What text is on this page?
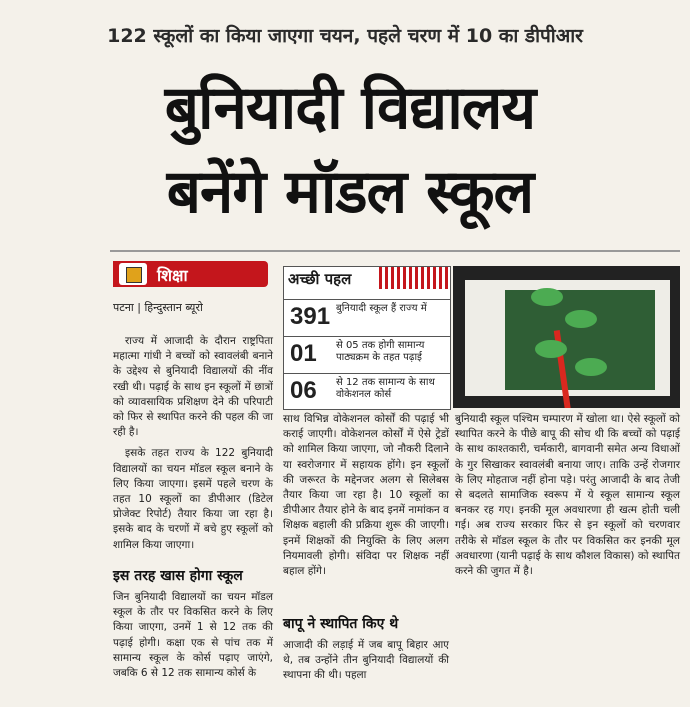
122 स्कूलों का किया जाएगा चयन, पहले चरण में 10 का डीपीआर
बुनियादी विद्यालय
बनेंगे मॉडल स्कूल
शिक्षा
पटना | हिन्दुस्तान ब्यूरो

राज्य में आजादी के दौरान राष्ट्रपिता महात्मा गांधी ने बच्चों को स्वावलंबी बनाने के उद्देश्य से बुनियादी विद्यालयों की नींव रखी थी। पढ़ाई के साथ इन स्कूलों में छात्रों को व्यावसायिक प्रशिक्षण देने की परिपाटी को फिर से स्थापित करने की पहल की जा रही है।

इसके तहत राज्य के 122 बुनियादी विद्यालयों का चयन मॉडल स्कूल बनाने के लिए किया जाएगा। इसमें पहले चरण के तहत 10 स्कूलों का डीपीआर (डिटेल प्रोजेक्ट रिपोर्ट) तैयार किया जा रहा है। इसके बाद के चरणों में बचे हुए स्कूलों को शामिल किया जाएगा।

इस तरह खास होगा स्कूल

जिन बुनियादी विद्यालयों का चयन मॉडल स्कूल के तौर पर विकसित करने के लिए किया जाएगा, उनमें 1 से 12 तक की पढ़ाई होगी। कक्षा एक से पांच तक में सामान्य स्कूल के कोर्स पढ़ाए जाएंगे, जबकि 6 से 12 तक सामान्य कोर्स के

अच्छी पहल
391 बुनियादी स्कूल हैं राज्य में
01 से 05 तक होगी सामान्य पाठ्यक्रम के तहत पढ़ाई
06 से 12 तक सामान्य के साथ वोकेशनल कोर्स

साथ विभिन्न वोकेशनल कोर्सों की पढ़ाई भी कराई जाएगी। वोकेशनल कोर्सों में ऐसे ट्रेडों को शामिल किया जाएगा, जो नौकरी दिलाने या स्वरोजगार में सहायक होंगे। इन स्कूलों की जरूरत के मद्देनजर अलग से सिलेबस तैयार किया जा रहा है। 10 स्कूलों का डीपीआर तैयार होने के बाद इनमें नामांकन व शिक्षक बहाली की प्रक्रिया शुरू की जाएगी। इनमें शिक्षकों की नियुक्ति के लिए अलग नियमावली होगी। संविदा पर शिक्षक नहीं बहाल होंगे।

बापू ने स्थापित किए थे

आजादी की लड़ाई में जब बापू बिहार आए थे, तब उन्होंने तीन बुनियादी विद्यालयों की स्थापना की थी। पहला

बुनियादी स्कूल पश्चिम चम्पारण में खोला था। ऐसे स्कूलों को स्थापित करने के पीछे बापू की सोच थी कि बच्चों को पढ़ाई के साथ काश्तकारी, चर्मकारी, बागवानी समेत अन्य विधाओं के गुर सिखाकर स्वावलंबी बनाया जाए। ताकि उन्हें रोजगार के लिए मोहताज नहीं होना पड़े। परंतु आजादी के बाद तेजी से बदलते सामाजिक स्वरूप में ये स्कूल सामान्य स्कूल बनकर रह गए। इनकी मूल अवधारणा ही खत्म होती चली गई। अब राज्य सरकार फिर से इन स्कूलों को चरणवार तरीके से मॉडल स्कूल के तौर पर विकसित कर इनकी मूल अवधारणा (यानी पढ़ाई के साथ कौशल विकास) को स्थापित करने की जुगत में है।
